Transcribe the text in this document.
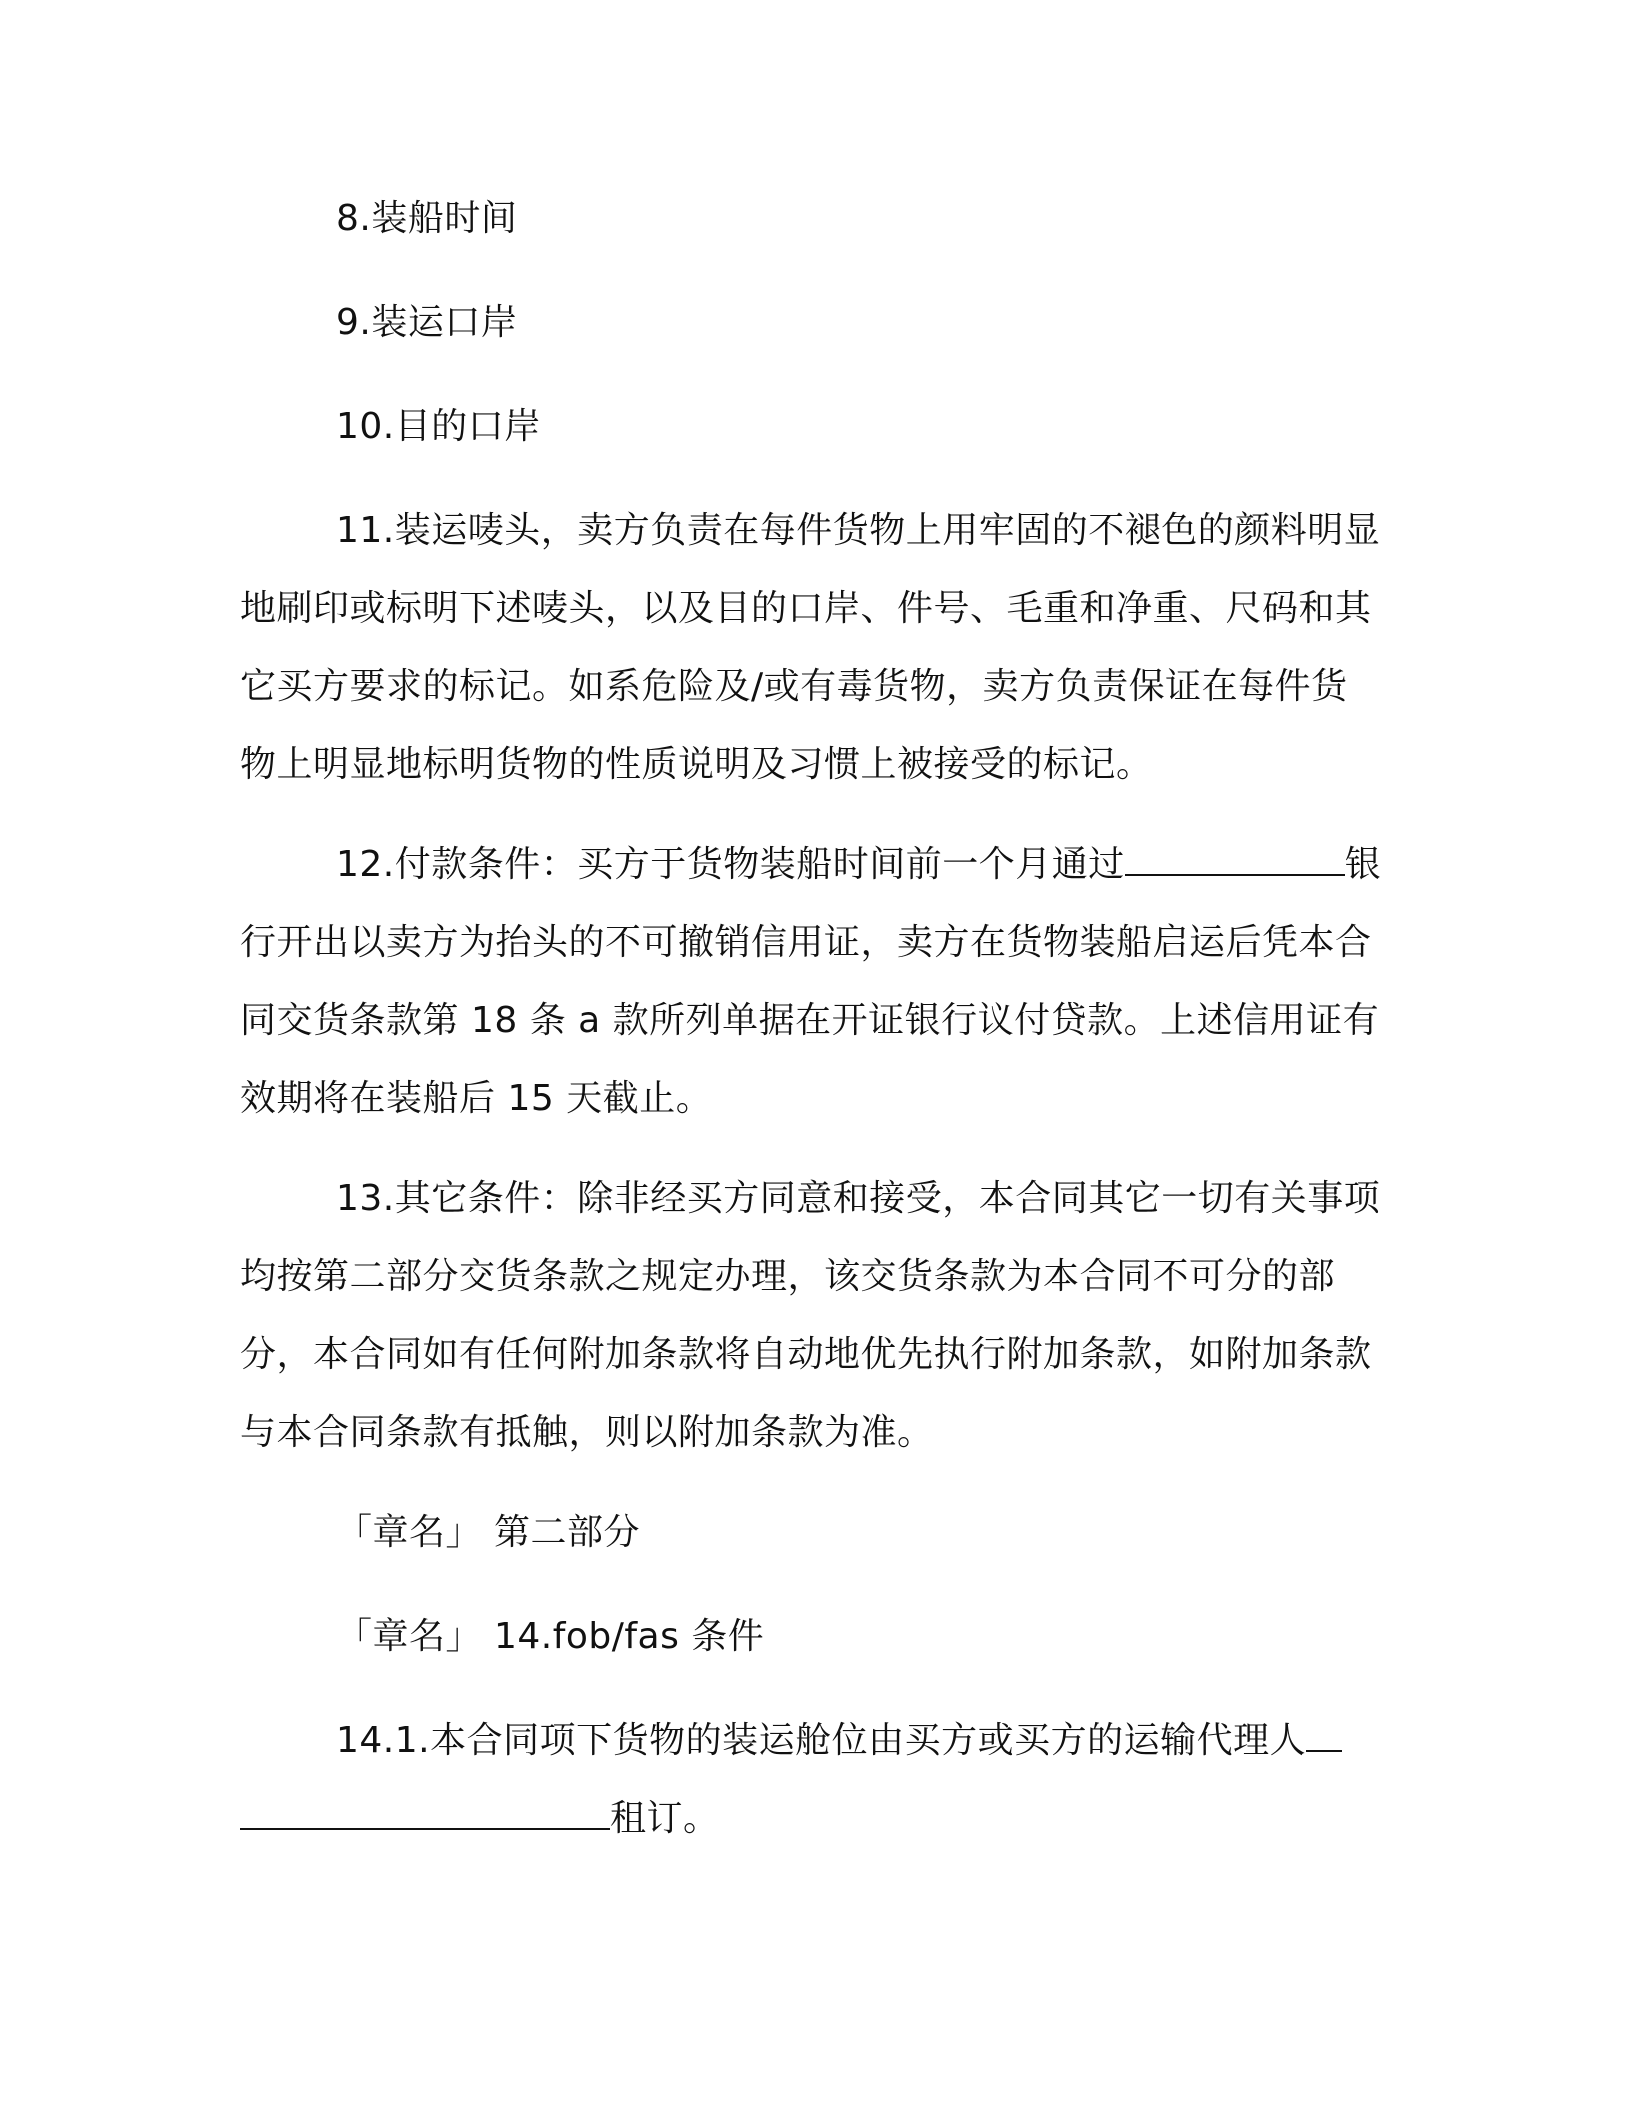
8.装船时间

9.装运口岸

10.目的口岸

11.装运唛头，卖方负责在每件货物上用牢固的不褪色的颜料明显地刷印或标明下述唛头，以及目的口岸、件号、毛重和净重、尺码和其它买方要求的标记。如系危险及/或有毒货物，卖方负责保证在每件货物上明显地标明货物的性质说明及习惯上被接受的标记。

12.付款条件：买方于货物装船时间前一个月通过	银行开出以卖方为抬头的不可撤销信用证，卖方在货物装船启运后凭本合同交货条款第 18 条 a 款所列单据在开证银行议付贷款。上述信用证有效期将在装船后 15 天截止。

13.其它条件：除非经买方同意和接受，本合同其它一切有关事项均按第二部分交货条款之规定办理，该交货条款为本合同不可分的部分，本合同如有任何附加条款将自动地优先执行附加条款，如附加条款与本合同条款有抵触，则以附加条款为准。

「章名」 第二部分

「章名」 14.fob/fas 条件

14.1.本合同项下货物的装运舱位由买方或买方的运输代理人租订。
